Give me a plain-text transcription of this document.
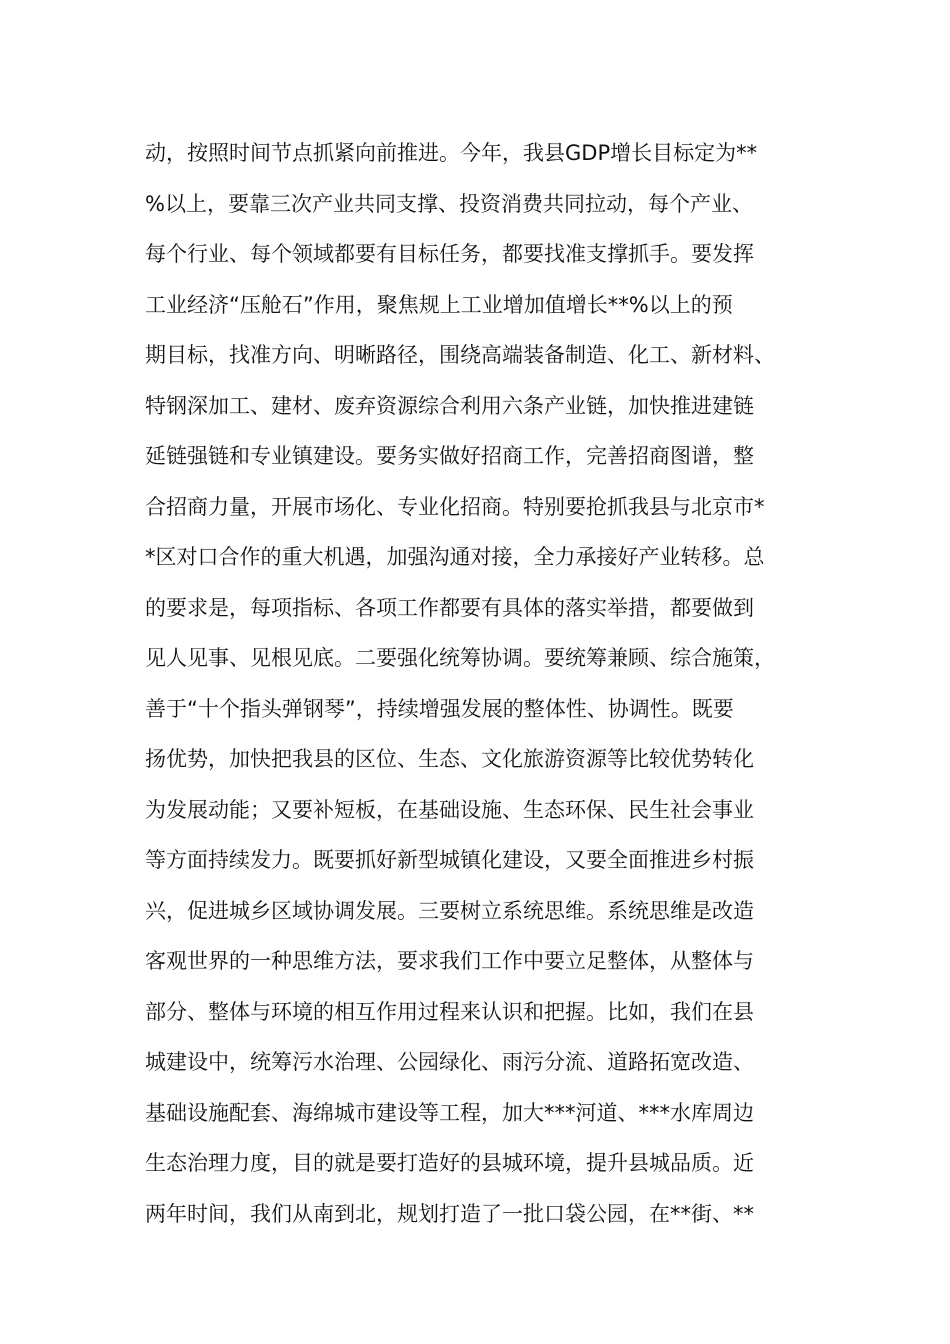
动，按照时间节点抓紧向前推进。今年，我县GDP增长目标定为**
%以上，要靠三次产业共同支撑、投资消费共同拉动，每个产业、
每个行业、每个领域都要有目标任务，都要找准支撑抓手。要发挥
工业经济“压舱石”作用，聚焦规上工业增加值增长**%以上的预
期目标，找准方向、明晰路径，围绕高端装备制造、化工、新材料、
特钢深加工、建材、废弃资源综合利用六条产业链，加快推进建链
延链强链和专业镇建设。要务实做好招商工作，完善招商图谱，整
合招商力量，开展市场化、专业化招商。特别要抢抓我县与北京市*
*区对口合作的重大机遇，加强沟通对接，全力承接好产业转移。总
的要求是，每项指标、各项工作都要有具体的落实举措，都要做到
见人见事、见根见底。二要强化统筹协调。要统筹兼顾、综合施策，
善于“十个指头弹钢琴”，持续增强发展的整体性、协调性。既要
扬优势，加快把我县的区位、生态、文化旅游资源等比较优势转化
为发展动能；又要补短板，在基础设施、生态环保、民生社会事业
等方面持续发力。既要抓好新型城镇化建设，又要全面推进乡村振
兴，促进城乡区域协调发展。三要树立系统思维。系统思维是改造
客观世界的一种思维方法，要求我们工作中要立足整体，从整体与
部分、整体与环境的相互作用过程来认识和把握。比如，我们在县
城建设中，统筹污水治理、公园绿化、雨污分流、道路拓宽改造、
基础设施配套、海绵城市建设等工程，加大***河道、***水库周边
生态治理力度，目的就是要打造好的县城环境，提升县城品质。近
两年时间，我们从南到北，规划打造了一批口袋公园，在**街、**
